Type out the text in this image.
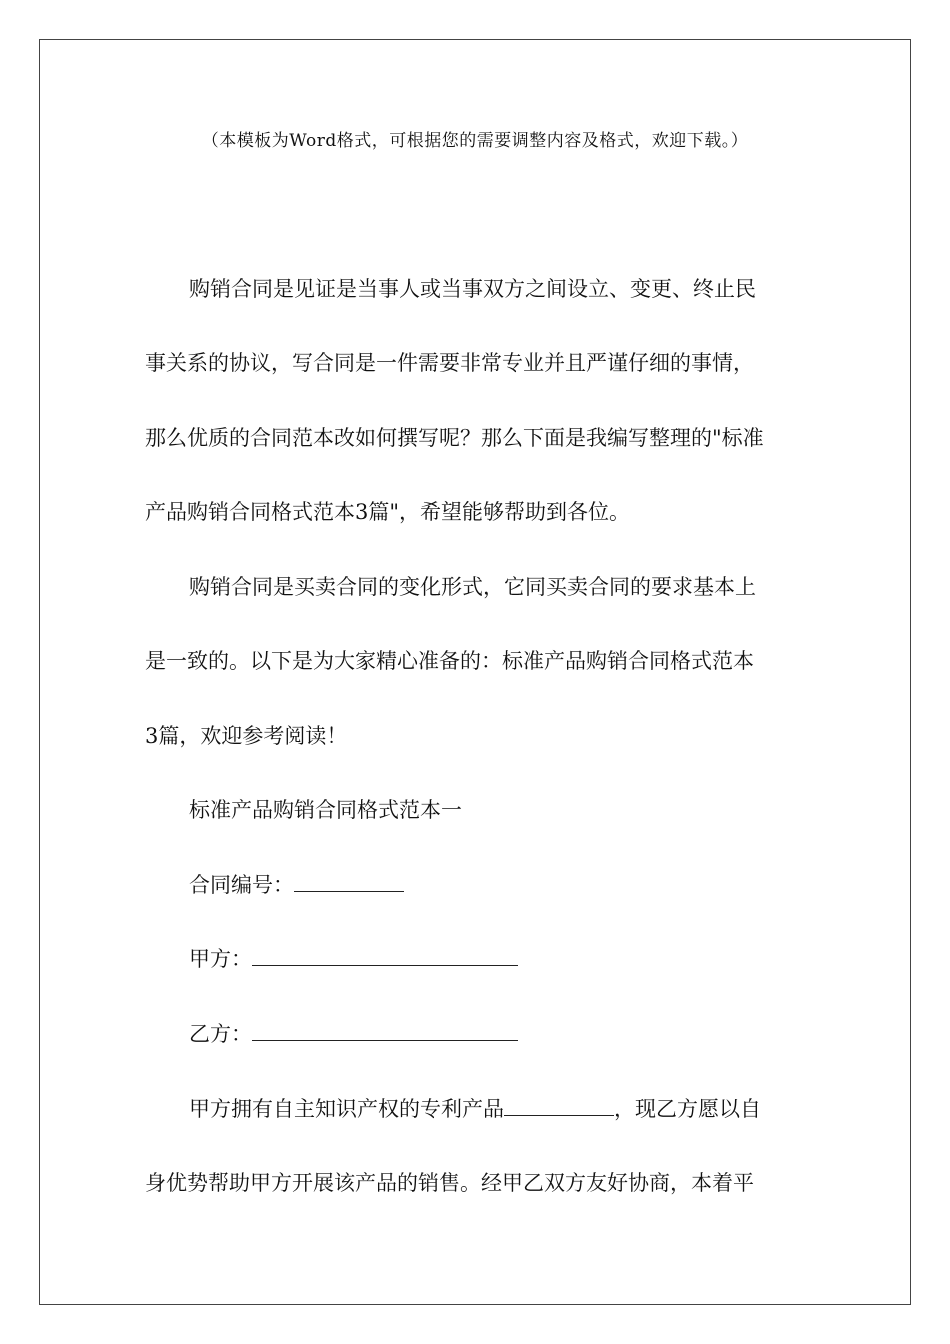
（本模板为Word格式，可根据您的需要调整内容及格式，欢迎下载。）
购销合同是见证是当事人或当事双方之间设立、变更、终止民
事关系的协议，写合同是一件需要非常专业并且严谨仔细的事情，
那么优质的合同范本改如何撰写呢？那么下面是我编写整理的"标准
产品购销合同格式范本3篇"，希望能够帮助到各位。
购销合同是买卖合同的变化形式，它同买卖合同的要求基本上
是一致的。以下是为大家精心准备的：标准产品购销合同格式范本
3篇，欢迎参考阅读！
标准产品购销合同格式范本一
合同编号：
甲方：
乙方：
甲方拥有自主知识产权的专利产品	，现乙方愿以自
身优势帮助甲方开展该产品的销售。经甲乙双方友好协商，本着平
